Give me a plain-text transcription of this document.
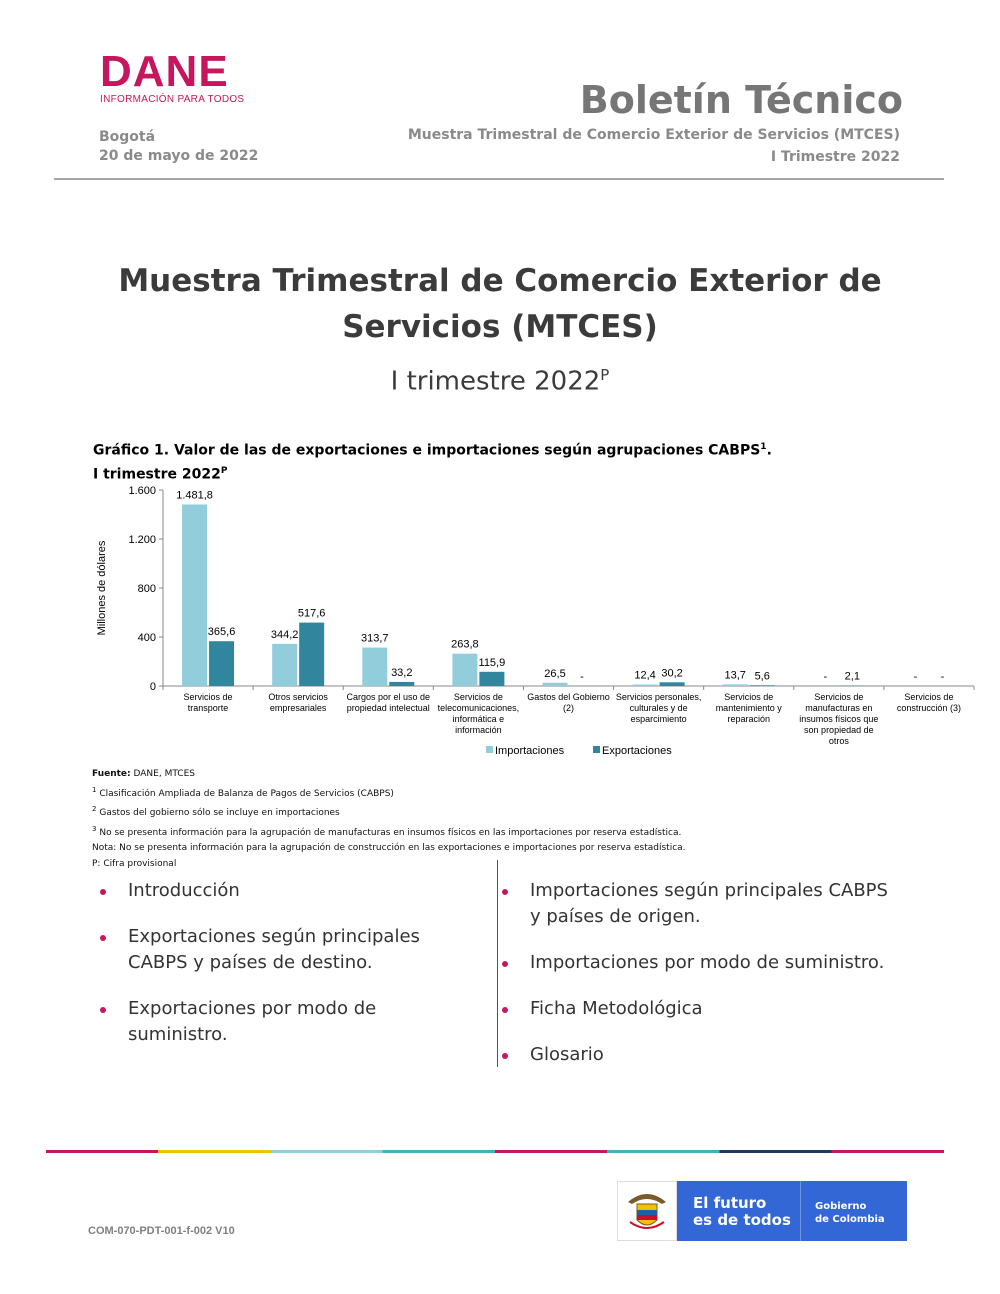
DANE
INFORMACIÓN PARA TODOS
Bogotá
20 de mayo de 2022
Boletín Técnico
Muestra Trimestral de Comercio Exterior de Servicios (MTCES)
I Trimestre 2022
Muestra Trimestral de Comercio Exterior de
Servicios (MTCES)
I trimestre $2022^P$
Gráfico 1. Valor de las de exportaciones e importaciones según agrupaciones CABPS$^1$.
I trimestre $2022^P$
0
400
800
1.200
1.600
Millones de dólares
1.481,8
365,6
Servicios de
transporte
344,2
517,6
Otros servicios
empresariales
313,7
33,2
Cargos por el uso de
propiedad intelectual
263,8
115,9
Servicios de
telecomunicaciones,
informática e
información
26,5 -
Gastos del Gobierno
(2)
12,4 30,2
Servicios personales,
culturales y de
esparcimiento
13,7 5,6
Servicios de
mantenimiento y
reparación
- 2,1
Servicios de
manufacturas en
insumos físicos que
son propiedad de
otros
- -
Servicios de
construcción (3)
Importaciones	Exportaciones
Fuente: DANE, MTCES
$^1$ Clasificación Ampliada de Balanza de Pagos de Servicios (CABPS)
$^2$ Gastos del gobierno sólo se incluye en importaciones
$^3$ No se presenta información para la agrupación de manufacturas en insumos físicos en las importaciones por reserva estadística.
Nota: No se presenta información para la agrupación de construcción en las exportaciones e importaciones por reserva estadística.
P: Cifra provisional
Introducción
Exportaciones según principales CABPS y países de destino.
Exportaciones por modo de suministro.
Importaciones según principales CABPS y países de origen.
Importaciones por modo de suministro.
Ficha Metodológica
Glosario
COM-070-PDT-001-f-002 V10
El futuro
es de todos
Gobierno
de Colombia
